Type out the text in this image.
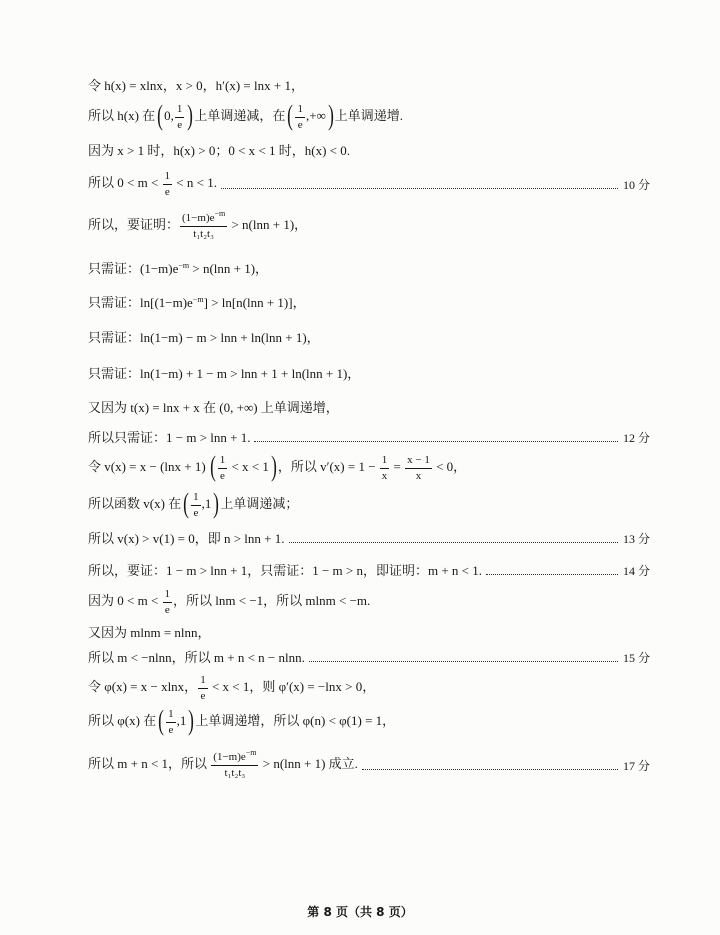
令 h(x) = xlnx，x > 0，h′(x) = lnx + 1，
所以 h(x) 在(0, $\frac{1}{e}$ )上单调递减，在( $\frac{1}{e}$ ,+∞)上单调递增.
因为 x > 1 时，h(x) > 0；0 < x < 1 时，h(x) < 0.
所以 $0 < m < \frac{1}{e} < n < 1$.	10 分
所以，要证明： $\frac{(1-m)e^{-m}}{\text{t₁t₂t₃}} > n(\ln n + 1)$，
只需证：$(1-m)e^{-m} > n(\ln n + 1)$，
只需证：$\ln[(1-m)e^{-m}] > \ln[n(\ln n + 1)]$，
只需证：ln(1−m) − m > lnn + ln(lnn + 1)，
只需证：ln(1−m) + 1 − m > lnn + 1 + ln(lnn + 1)，
又因为 t(x) = lnx + x 在 (0, +∞) 上单调递增，
所以只需证：1 − m > lnn + 1.	12 分
令 v(x) = x − (lnx + 1) ( $\frac{1}{e} < x < 1$)，所以 $v'(x) = 1 - \frac{1}{x} = \frac{x - 1}{x} < 0$，
所以函数 v(x) 在( $\frac{1}{e} ,1$)上单调递减；
所以 v(x) > v(1) = 0，即 n > lnn + 1.	13 分
所以，要证：1 − m > lnn + 1，只需证：1 − m > n，即证明：m + n < 1.	14 分
因为 $0 < m < \frac{1}{e}$ ，所以 lnm < −1，所以 mlnm < −m.
又因为 mlnm = nlnn，
所以 m < −nlnn，所以 m + n < n − nlnn.	15 分
令 φ(x) = x − xlnx， $\frac{1}{e} < x < 1$，则 φ′(x) = −lnx > 0，
所以 φ(x) 在( $\frac{1}{e} ,1$)上单调递增，所以 φ(n) < φ(1) = 1，
所以 m + n < 1，所以 $\frac{(1-m)e^{-m}}{\text{t₁t₂t₃}} > n(\ln n + 1)$ 成立.	17 分
第 8 页（共 8 页）
